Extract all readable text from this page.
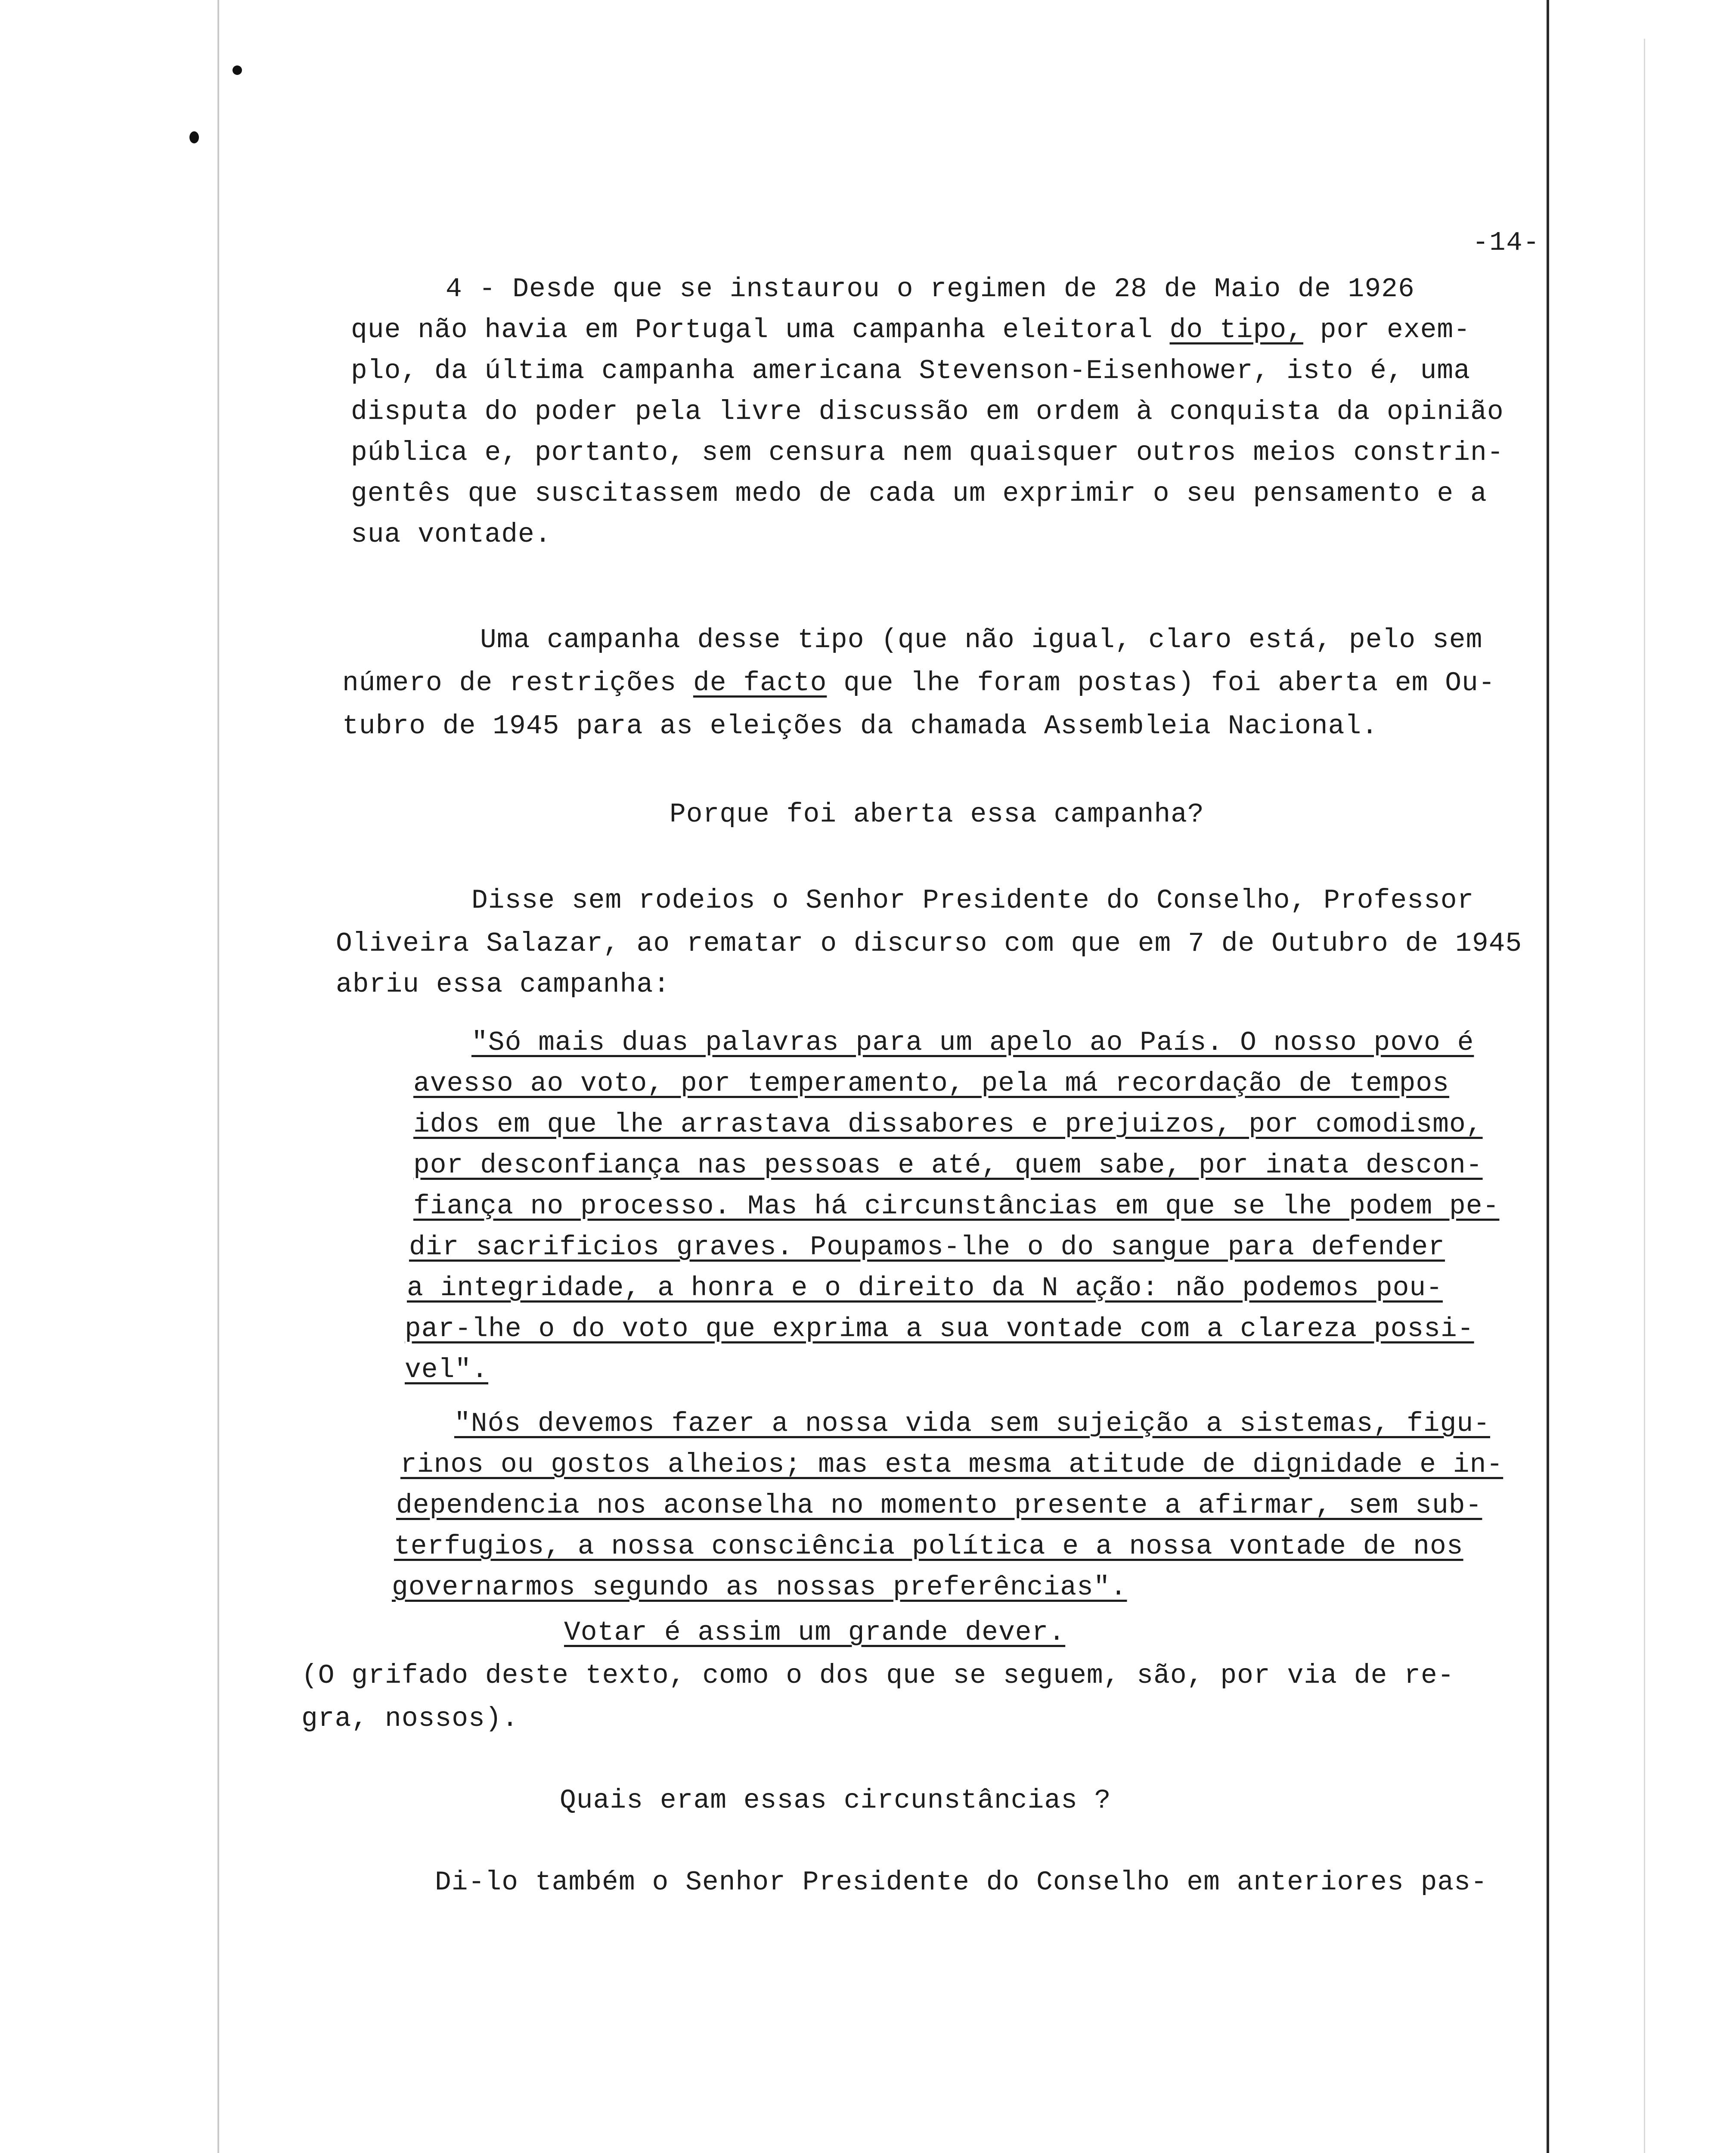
-14-
4 - Desde que se instaurou o regimen de 28 de Maio de 1926
que não havia em Portugal uma campanha eleitoral do tipo, por exem-
plo, da última campanha americana Stevenson-Eisenhower, isto é, uma
disputa do poder pela livre discussão em ordem à conquista da opinião
pública e, portanto, sem censura nem quaisquer outros meios constrin-
gentês que suscitassem medo de cada um exprimir o seu pensamento e a
sua vontade.
Uma campanha desse tipo (que não igual, claro está, pelo sem
número de restrições de facto que lhe foram postas) foi aberta em Ou-
tubro de 1945 para as eleições da chamada Assembleia Nacional.
Porque foi aberta essa campanha?
Disse sem rodeios o Senhor Presidente do Conselho, Professor
Oliveira Salazar, ao rematar o discurso com que em 7 de Outubro de 1945
abriu essa campanha:
"Só mais duas palavras para um apelo ao País. O nosso povo é
avesso ao voto, por temperamento, pela má recordação de tempos
idos em que lhe arrastava dissabores e prejuizos, por comodismo,
por desconfiança nas pessoas e até, quem sabe, por inata descon-
fiança no processo. Mas há circunstâncias em que se lhe podem pe-
dir sacrificios graves. Poupamos-lhe o do sangue para defender
a integridade, a honra e o direito da N ação: não podemos pou-
par-lhe o do voto que exprima a sua vontade com a clareza possi-
vel".
"Nós devemos fazer a nossa vida sem sujeição a sistemas, figu-
rinos ou gostos alheios; mas esta mesma atitude de dignidade e in-
dependencia nos aconselha no momento presente a afirmar, sem sub-
terfugios, a nossa consciência política e a nossa vontade de nos
governarmos segundo as nossas preferências".
Votar é assim um grande dever.
(O grifado deste texto, como o dos que se seguem, são, por via de re-
gra, nossos).
Quais eram essas circunstâncias ?
Di-lo também o Senhor Presidente do Conselho em anteriores pas-
